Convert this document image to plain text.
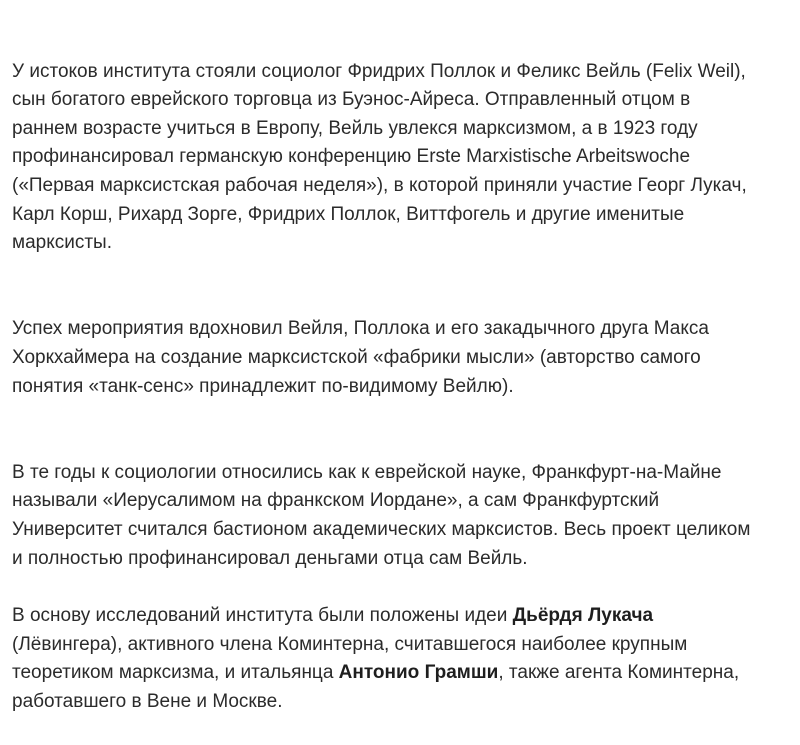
У истоков института стояли социолог Фридрих Поллок и Феликс Вейль (Felix Weil),
сын богатого еврейского торговца из Буэнос-Айреса. Отправленный отцом в
раннем возрасте учиться в Европу, Вейль увлекся марксизмом, а в 1923 году
профинансировал германскую конференцию Erste Marxistische Arbeitswoche
(«Первая марксистская рабочая неделя»), в которой приняли участие Георг Лукач,
Карл Корш, Рихард Зорге, Фридрих Поллок, Виттфогель и другие именитые
марксисты.

Успех мероприятия вдохновил Вейля, Поллока и его закадычного друга Макса
Хоркхаймера на создание марксистской «фабрики мысли» (авторство самого
понятия «танк-сенс» принадлежит по-видимому Вейлю).

В те годы к социологии относились как к еврейской науке, Франкфурт-на-Майне
называли «Иерусалимом на франкском Иордане», а сам Франкфуртский
Университет считался бастионом академических марксистов. Весь проект целиком
и полностью профинансировал деньгами отца сам Вейль.

В основу исследований института были положены идеи Дьёрдя Лукача
(Лёвингера), активного члена Коминтерна, считавшегося наиболее крупным
теоретиком марксизма, и итальянца Антонио Грамши, также агента Коминтерна,
работавшего в Вене и Москве.
